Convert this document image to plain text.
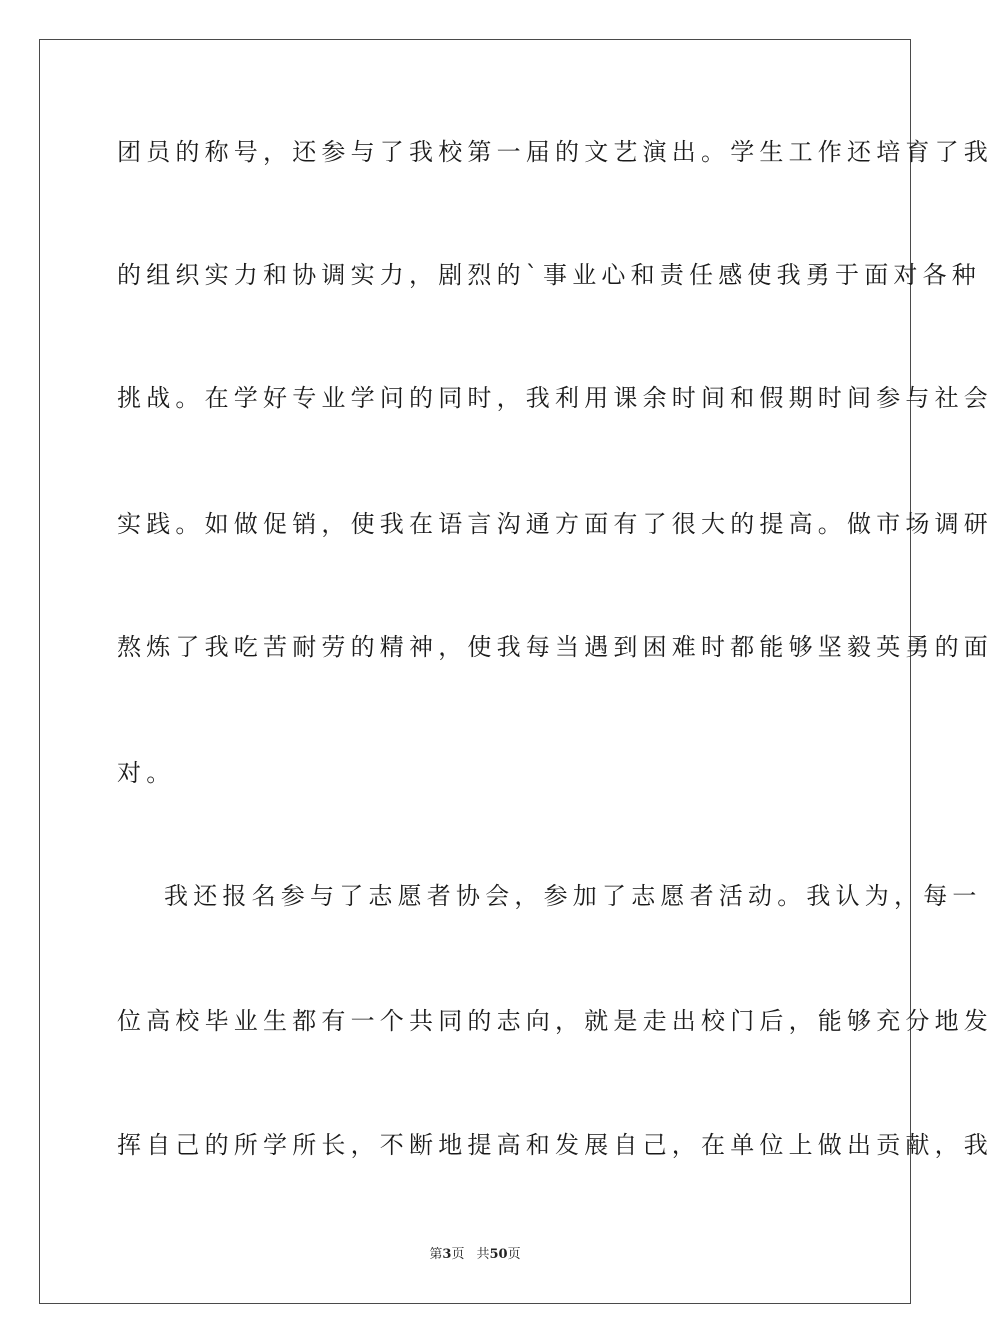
团员的称号，还参与了我校第一届的文艺演出。学生工作还培育了我
的组织实力和协调实力，剧烈的`事业心和责任感使我勇于面对各种
挑战。在学好专业学问的同时，我利用课余时间和假期时间参与社会
实践。如做促销，使我在语言沟通方面有了很大的提高。做市场调研
熬炼了我吃苦耐劳的精神，使我每当遇到困难时都能够坚毅英勇的面
对。
我还报名参与了志愿者协会，参加了志愿者活动。我认为，每一
位高校毕业生都有一个共同的志向，就是走出校门后，能够充分地发
挥自己的所学所长，不断地提高和发展自己，在单位上做出贡献，我
第3页 共50页
